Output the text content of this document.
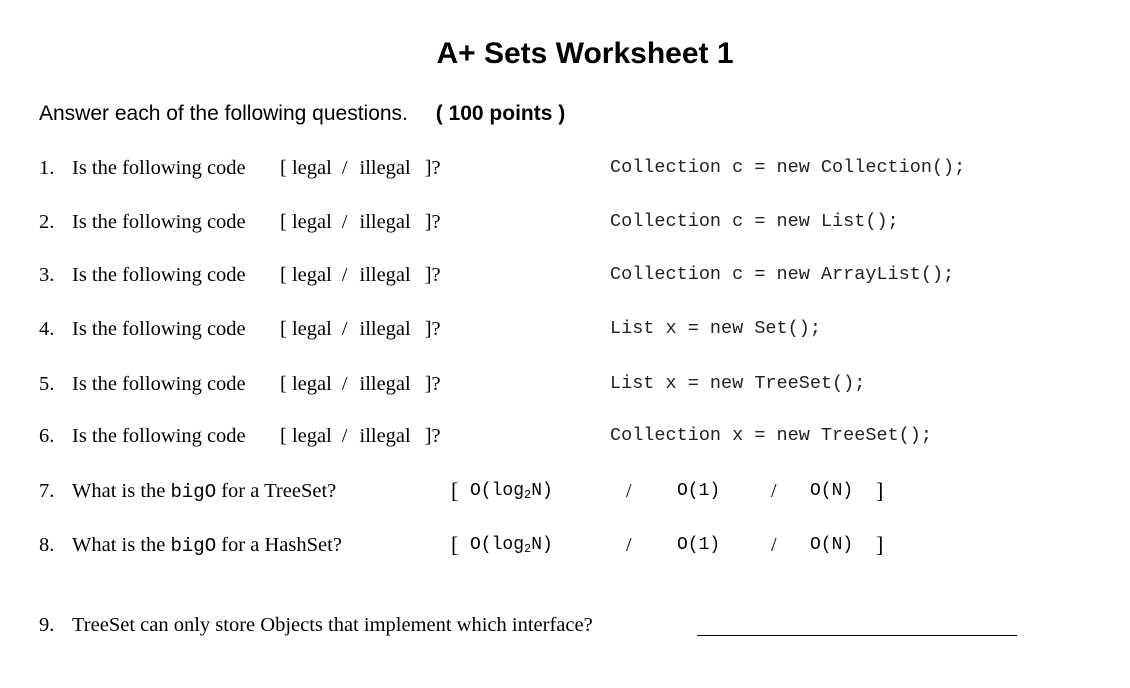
A+ Sets Worksheet 1
Answer each of the following questions. ( 100 points )
1. Is the following code [ legal / illegal ]?	Collection c = new Collection();
2. Is the following code [ legal / illegal ]?	Collection c = new List();
3. Is the following code [ legal / illegal ]?	Collection c = new ArrayList();
4. Is the following code [ legal / illegal ]?	List x = new Set();
5. Is the following code [ legal / illegal ]?	List x = new TreeSet();
6. Is the following code [ legal / illegal ]?	Collection x = new TreeSet();
7. What is the bigO for a TreeSet?	[ $O(\log_2N)$	/	O(1)	/ O(N) ]
8. What is the bigO for a HashSet?	[ $O(\log_2N)$	/	O(1)	/ O(N) ]
9. TreeSet can only store Objects that implement which interface?
